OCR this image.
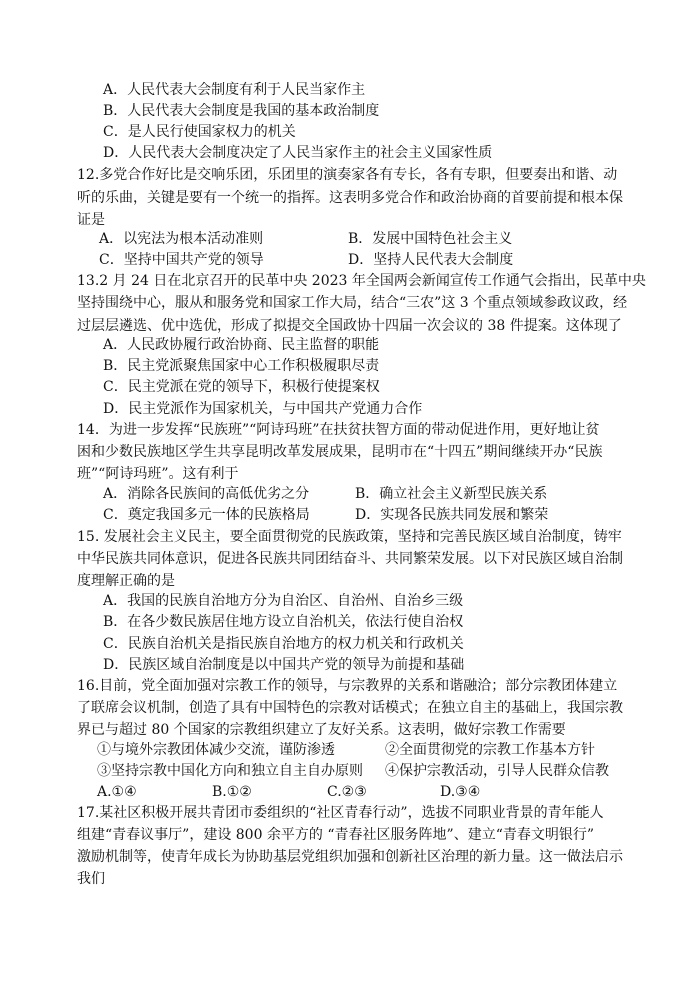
A．人民代表大会制度有利于人民当家作主
B．人民代表大会制度是我国的基本政治制度
C．是人民行使国家权力的机关
D．人民代表大会制度决定了人民当家作主的社会主义国家性质
12.多党合作好比是交响乐团，乐团里的演奏家各有专长，各有专职，但要奏出和谐、动
听的乐曲，关键是要有一个统一的指挥。这表明多党合作和政治协商的首要前提和根本保
证是
A．以宪法为根本活动准则	B．发展中国特色社会主义
C．坚持中国共产党的领导	D．坚持人民代表大会制度
13.2 月 24 日在北京召开的民革中央 2023 年全国两会新闻宣传工作通气会指出，民革中央
坚持围绕中心，服从和服务党和国家工作大局，结合“三农”这 3 个重点领域参政议政，经
过层层遴选、优中选优，形成了拟提交全国政协十四届一次会议的 38 件提案。这体现了
A．人民政协履行政治协商、民主监督的职能
B．民主党派聚焦国家中心工作积极履职尽责
C．民主党派在党的领导下，积极行使提案权
D．民主党派作为国家机关，与中国共产党通力合作
14．为进一步发挥“民族班”“阿诗玛班”在扶贫扶智方面的带动促进作用，更好地让贫
困和少数民族地区学生共享昆明改革发展成果，昆明市在“十四五”期间继续开办“民族
班”“阿诗玛班”。这有利于
A．消除各民族间的高低优劣之分	B．确立社会主义新型民族关系
C．奠定我国多元一体的民族格局	D．实现各民族共同发展和繁荣
15. 发展社会主义民主，要全面贯彻党的民族政策，坚持和完善民族区域自治制度，铸牢
中华民族共同体意识，促进各民族共同团结奋斗、共同繁荣发展。以下对民族区域自治制
度理解正确的是
A．我国的民族自治地方分为自治区、自治州、自治乡三级
B．在各少数民族居住地方设立自治机关，依法行使自治权
C．民族自治机关是指民族自治地方的权力机关和行政机关
D．民族区域自治制度是以中国共产党的领导为前提和基础
16.目前，党全面加强对宗教工作的领导，与宗教界的关系和谐融洽；部分宗教团体建立
了联席会议机制，创造了具有中国特色的宗教对话模式；在独立自主的基础上，我国宗教
界已与超过 80 个国家的宗教组织建立了友好关系。这表明，做好宗教工作需要
①与境外宗教团体减少交流，谨防渗透	②全面贯彻党的宗教工作基本方针
③坚持宗教中国化方向和独立自主自办原则 ④保护宗教活动，引导人民群众信教
A.①④	B.①②	C.②③	D.③④
17.某社区积极开展共青团市委组织的“社区青春行动”，选拔不同职业背景的青年能人
组建“青春议事厅”，建设 800 余平方的 “青春社区服务阵地”、建立“青春文明银行”
激励机制等，使青年成长为协助基层党组织加强和创新社区治理的新力量。这一做法启示
我们
